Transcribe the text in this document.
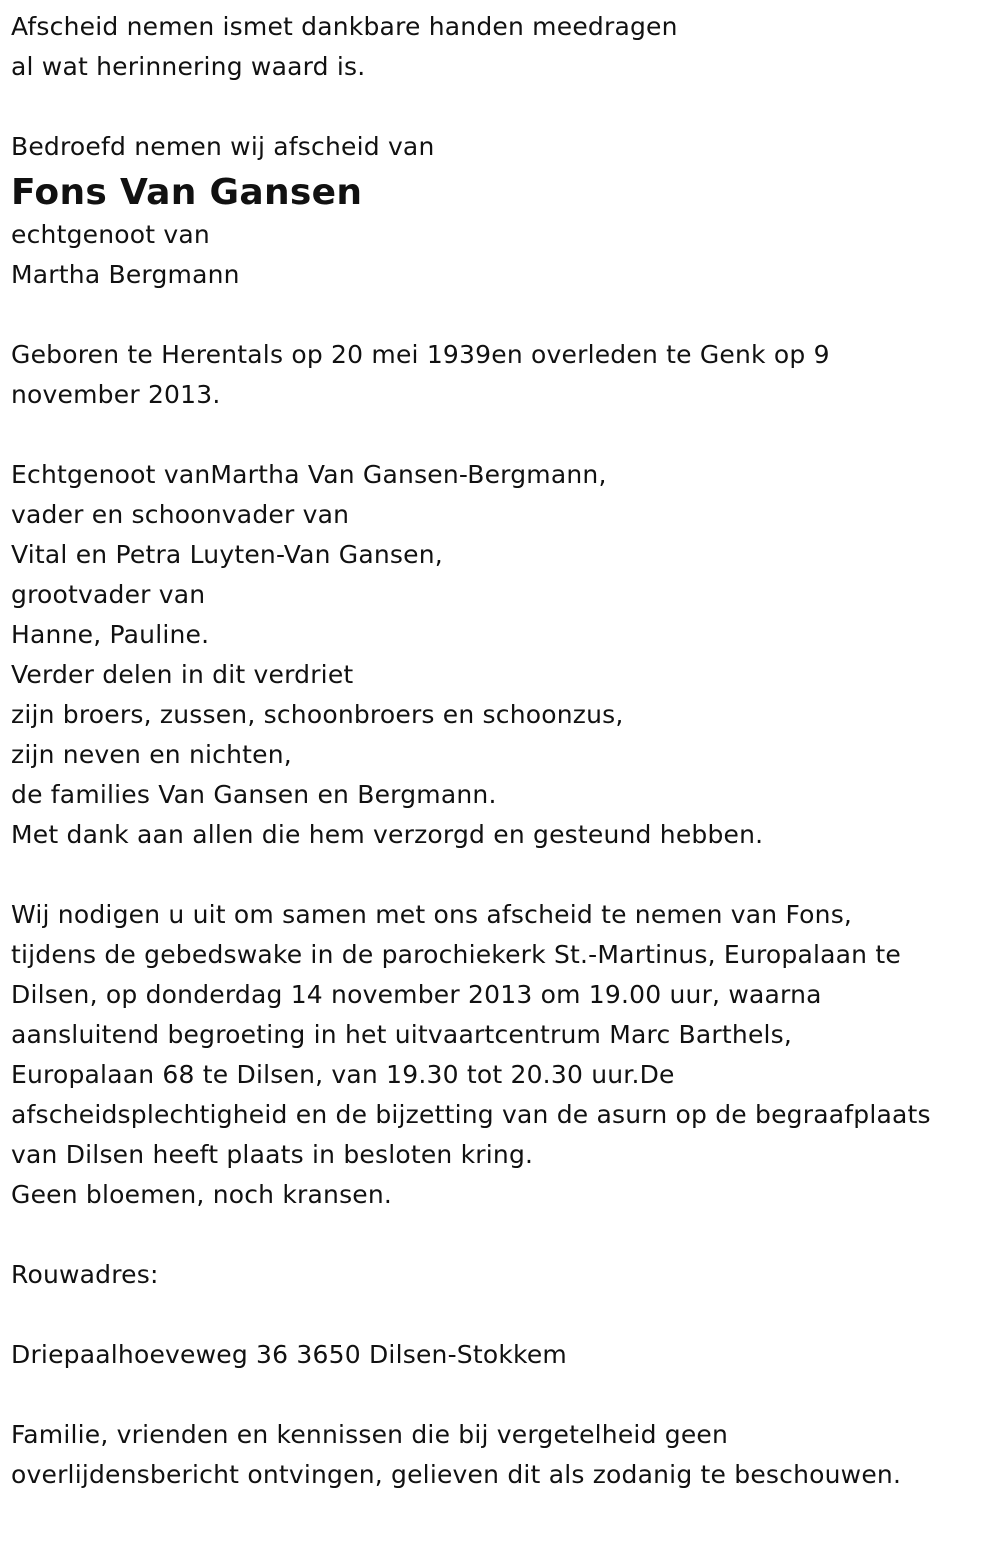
Afscheid nemen ismet dankbare handen meedragen
al wat herinnering waard is.
Bedroefd nemen wij afscheid van
Fons Van Gansen
echtgenoot van
Martha Bergmann
Geboren te Herentals op 20 mei 1939en overleden te Genk op 9
november 2013.
Echtgenoot vanMartha Van Gansen-Bergmann,
vader en schoonvader van
Vital en Petra Luyten-Van Gansen,
grootvader van
Hanne, Pauline.
Verder delen in dit verdriet
zijn broers, zussen, schoonbroers en schoonzus,
zijn neven en nichten,
de families Van Gansen en Bergmann.
Met dank aan allen die hem verzorgd en gesteund hebben.
Wij nodigen u uit om samen met ons afscheid te nemen van Fons,
tijdens de gebedswake in de parochiekerk St.-Martinus, Europalaan te
Dilsen, op donderdag 14 november 2013 om 19.00 uur, waarna
aansluitend begroeting in het uitvaartcentrum Marc Barthels,
Europalaan 68 te Dilsen, van 19.30 tot 20.30 uur.De
afscheidsplechtigheid en de bijzetting van de asurn op de begraafplaats
van Dilsen heeft plaats in besloten kring.
Geen bloemen, noch kransen.
Rouwadres:
Driepaalhoeveweg 36 3650 Dilsen-Stokkem
Familie, vrienden en kennissen die bij vergetelheid geen
overlijdensbericht ontvingen, gelieven dit als zodanig te beschouwen.
